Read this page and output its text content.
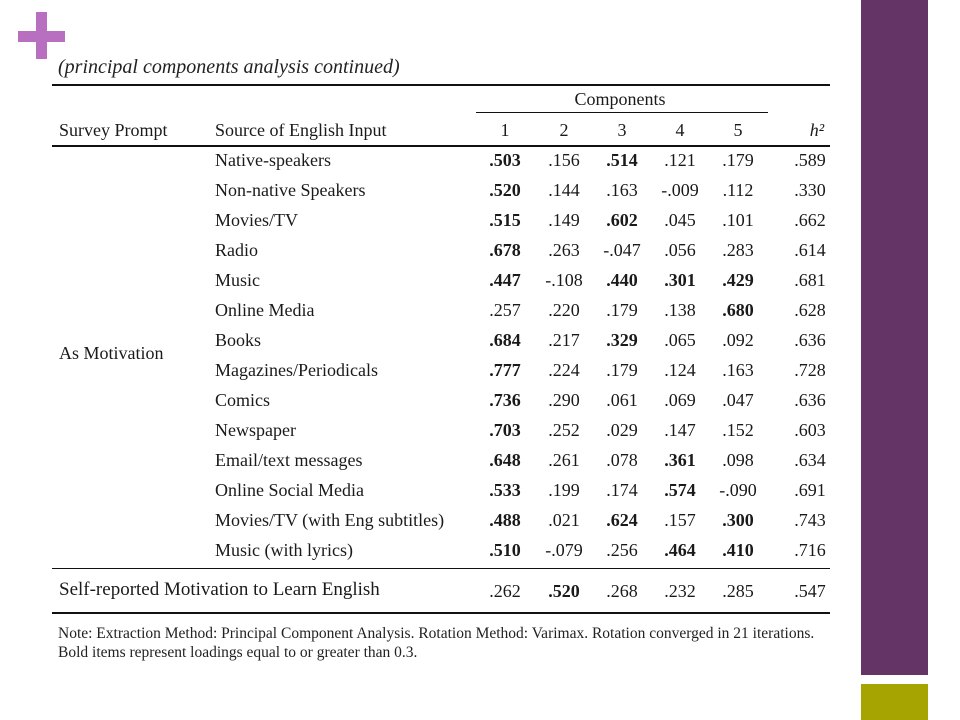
(principal components analysis continued)
Components
Survey Prompt	Source of English Input	1	2	3	4	5	h²
As Motivation
Native-speakers	.503 .156 .514 .121 .179 .589
Non-native Speakers	.520 .144 .163 -.009 .112 .330
Movies/TV	.515 .149 .602 .045 .101 .662
Radio	.678 .263 -.047 .056 .283 .614
Music	.447 -.108 .440 .301 .429 .681
Online Media	.257 .220 .179 .138 .680 .628
Books	.684 .217 .329 .065 .092 .636
Magazines/Periodicals	.777 .224 .179 .124 .163 .728
Comics	.736 .290 .061 .069 .047 .636
Newspaper	.703 .252 .029 .147 .152 .603
Email/text messages	.648 .261 .078 .361 .098 .634
Online Social Media	.533 .199 .174 .574 -.090 .691
Movies/TV (with Eng subtitles)	.488 .021 .624 .157 .300 .743
Music (with lyrics)	.510 -.079 .256 .464 .410 .716
Self-reported Motivation to Learn English	.262 .520 .268 .232 .285 .547
Note: Extraction Method: Principal Component Analysis. Rotation Method: Varimax. Rotation converged in 21 iterations. Bold items represent loadings equal to or greater than 0.3.
